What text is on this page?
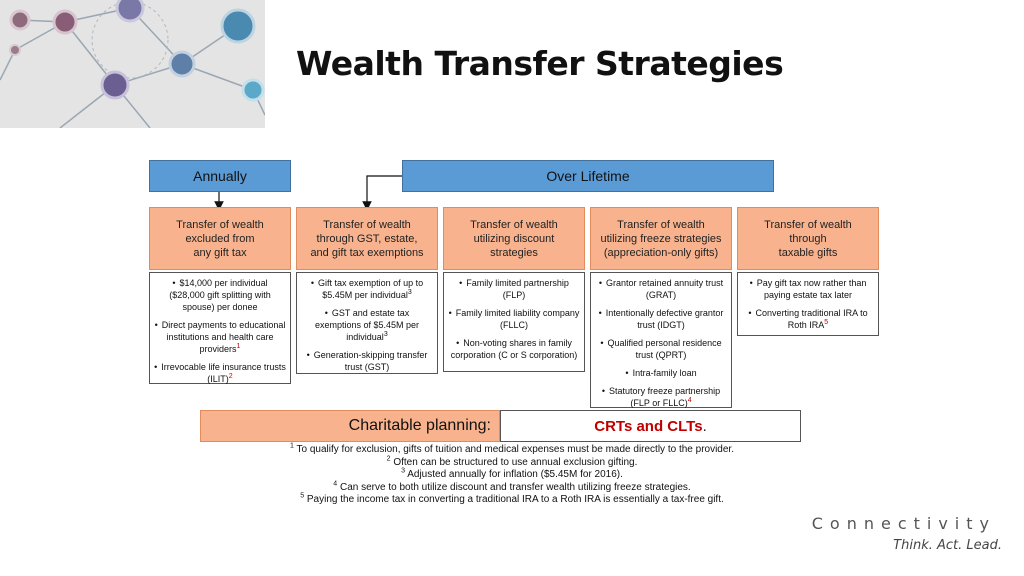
Wealth Transfer Strategies
Annually	Over Lifetime
Transfer of wealth
excluded from
any gift tax
Transfer of wealth
through GST, estate,
and gift tax exemptions
Transfer of wealth
utilizing discount
strategies
Transfer of wealth
utilizing freeze strategies
(appreciation-only gifts)
Transfer of wealth
through
taxable gifts
• $14,000 per individual ($28,000 gift splitting with spouse) per donee
• Direct payments to educational institutions and health care providers$^1$
• Irrevocable life insurance trusts (ILIT)$^2$
• Gift tax exemption of up to $5.45M per individual$^3$
• GST and estate tax exemptions of $5.45M per individual$^3$
• Generation-skipping transfer trust (GST)
• Family limited partnership (FLP)
• Family limited liability company (FLLC)
• Non-voting shares in family corporation (C or S corporation)
• Grantor retained annuity trust (GRAT)
• Intentionally defective grantor trust (IDGT)
• Qualified personal residence trust (QPRT)
• Intra-family loan
• Statutory freeze partnership (FLP or FLLC)$^4$
• Pay gift tax now rather than paying estate tax later
• Converting traditional IRA to Roth IRA$^5$
Charitable planning:	CRTs and CLTs .
$^1$ To qualify for exclusion, gifts of tuition and medical expenses must be made directly to the provider.
$^2$ Often can be structured to use annual exclusion gifting.
$^3$ Adjusted annually for inflation ($5.45M for 2016).
$^4$ Can serve to both utilize discount and transfer wealth utilizing freeze strategies.
$^5$ Paying the income tax in converting a traditional IRA to a Roth IRA is essentially a tax-free gift.
Connectivity
Think. Act. Lead.
